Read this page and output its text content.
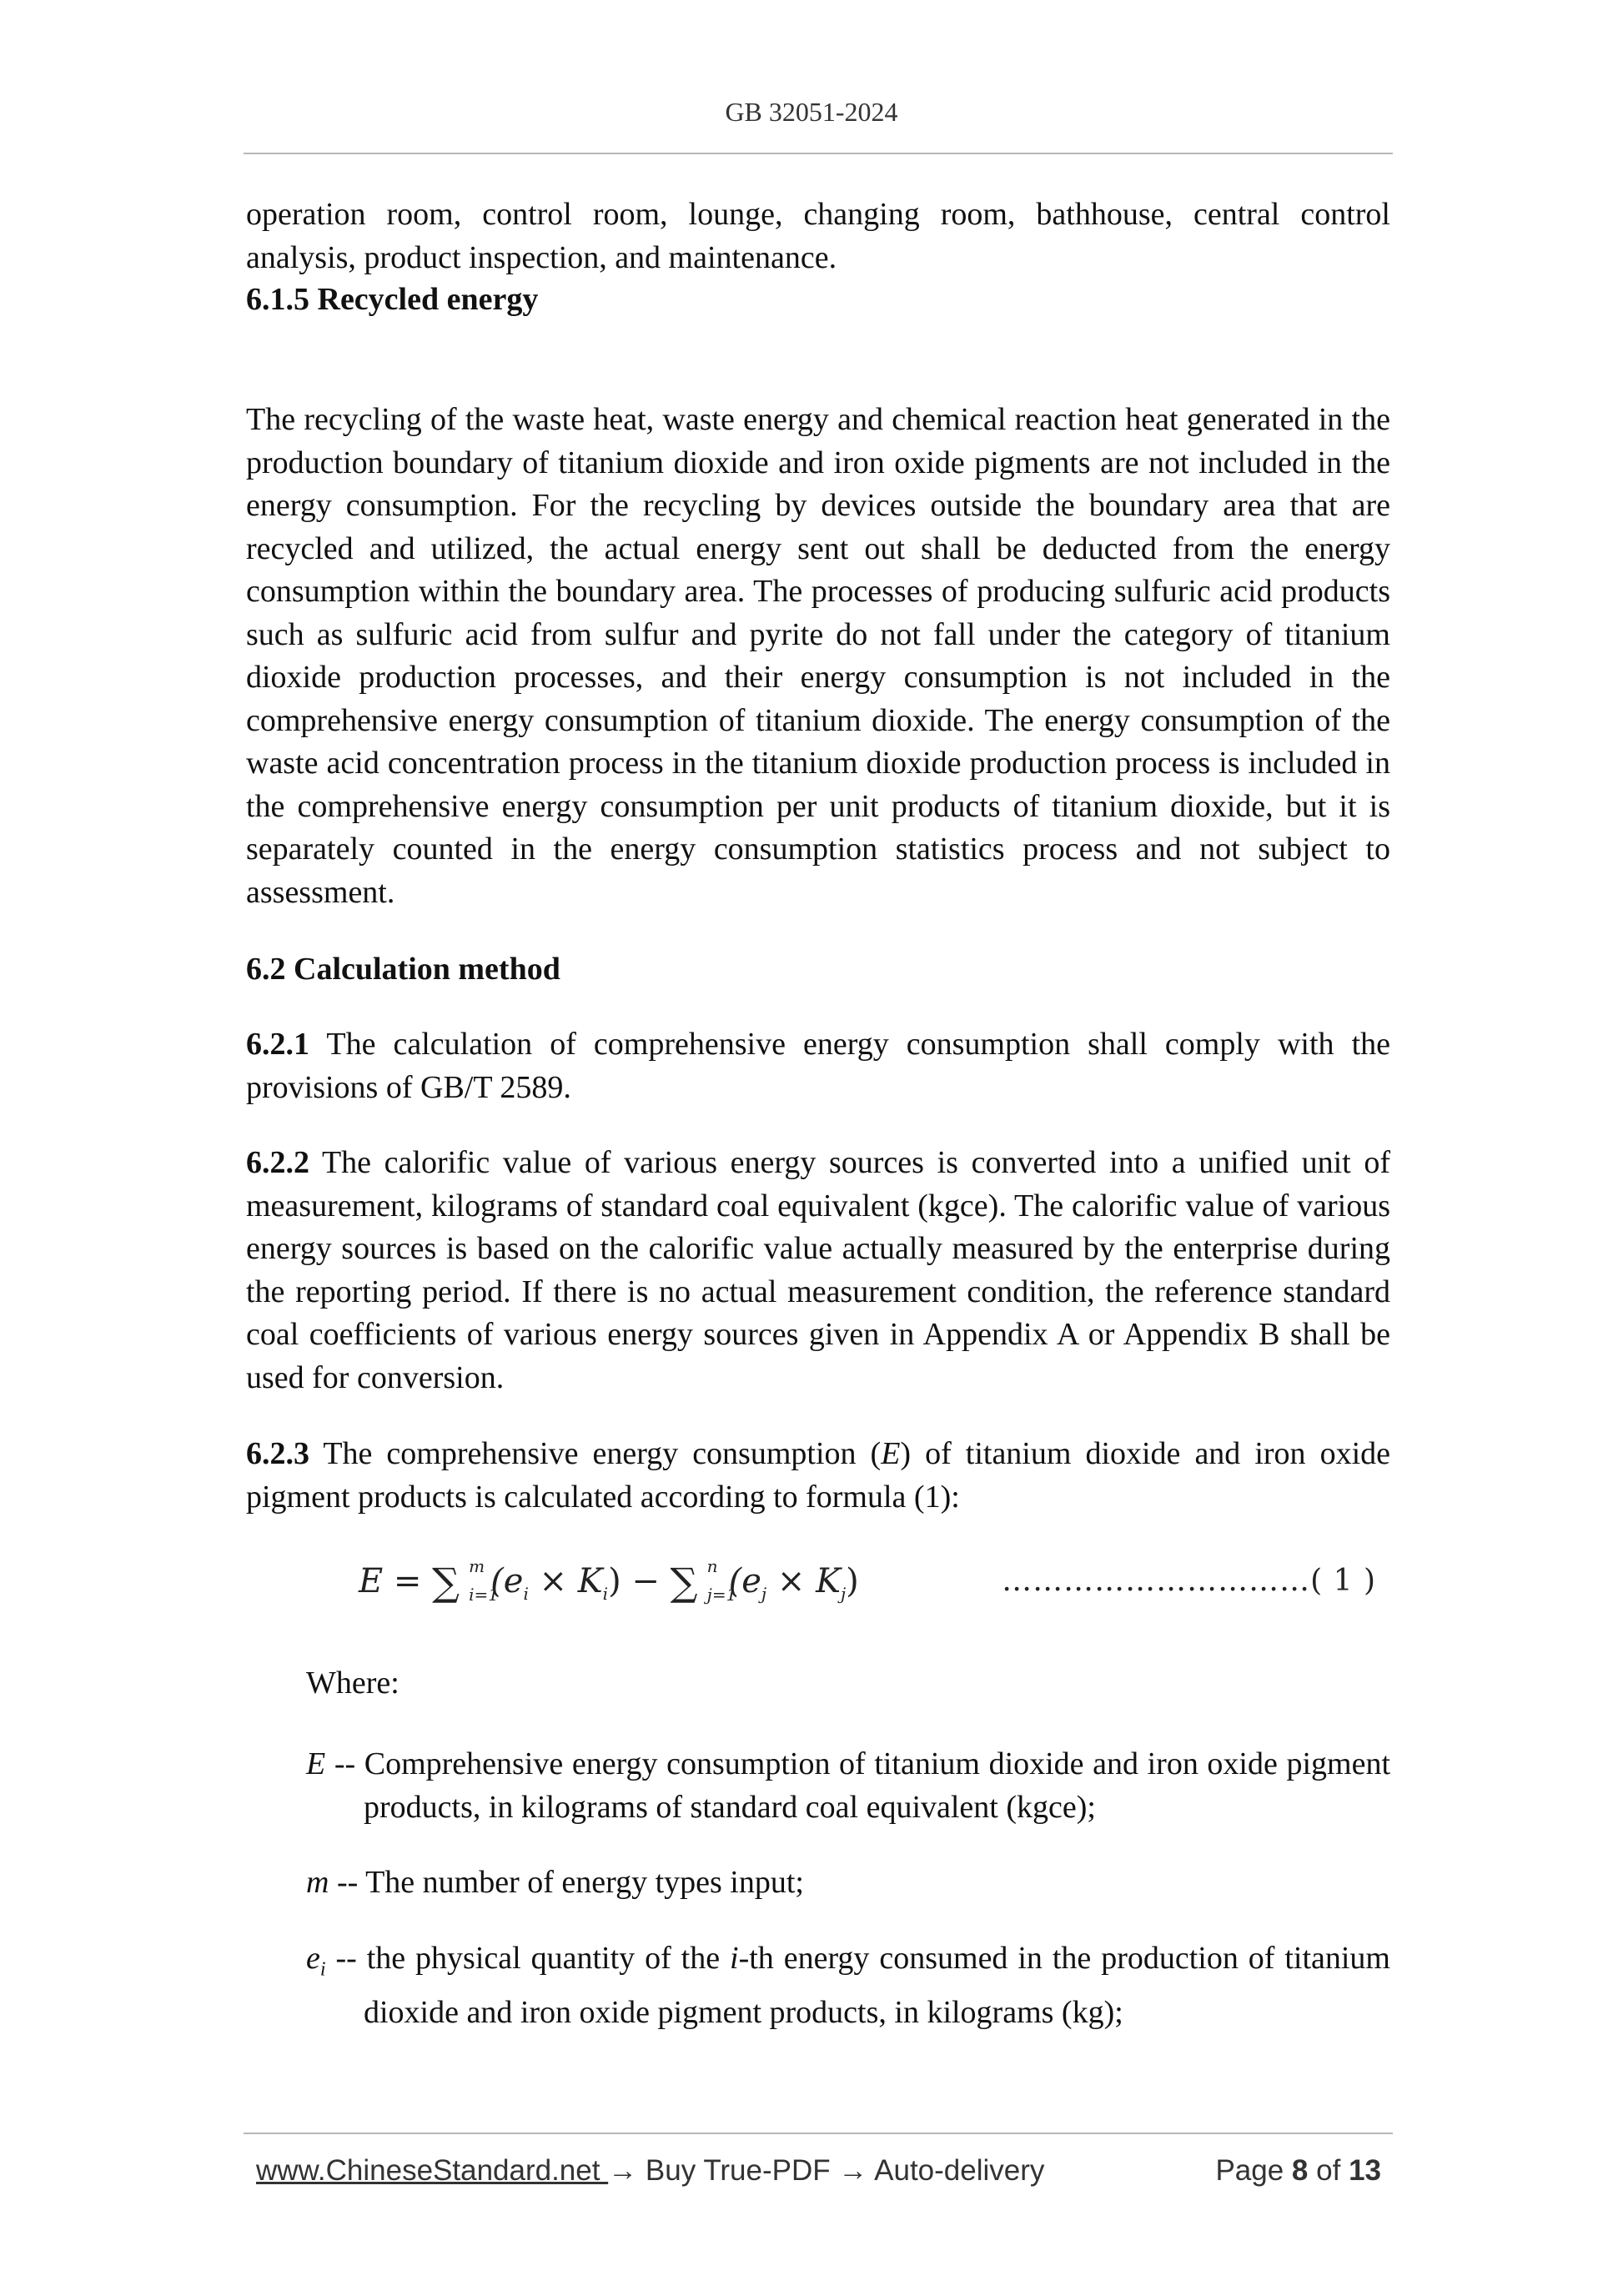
GB 32051-2024

operation room, control room, lounge, changing room, bathhouse, central control analysis, product inspection, and maintenance.

6.1.5 Recycled energy

The recycling of the waste heat, waste energy and chemical reaction heat generated in the production boundary of titanium dioxide and iron oxide pigments are not included in the energy consumption. For the recycling by devices outside the boundary area that are recycled and utilized, the actual energy sent out shall be deducted from the energy consumption within the boundary area. The processes of producing sulfuric acid products such as sulfuric acid from sulfur and pyrite do not fall under the category of titanium dioxide production processes, and their energy consumption is not included in the comprehensive energy consumption of titanium dioxide. The energy consumption of the waste acid concentration process in the titanium dioxide production process is included in the comprehensive energy consumption per unit products of titanium dioxide, but it is separately counted in the energy consumption statistics process and not subject to assessment.

6.2 Calculation method

6.2.1 The calculation of comprehensive energy consumption shall comply with the provisions of GB/T 2589.

6.2.2 The calorific value of various energy sources is converted into a unified unit of measurement, kilograms of standard coal equivalent (kgce). The calorific value of various energy sources is based on the calorific value actually measured by the enterprise during the reporting period. If there is no actual measurement condition, the reference standard coal coefficients of various energy sources given in Appendix A or Appendix B shall be used for conversion.

6.2.3 The comprehensive energy consumption (E) of titanium dioxide and iron oxide pigment products is calculated according to formula (1):

E = ∑ m
i=1
$(e_i \times K_i)$ − ∑ n
j=1
$(e_j \times K_j)$	…………………………( 1 )

Where:

E -- Comprehensive energy consumption of titanium dioxide and iron oxide pigment products, in kilograms of standard coal equivalent (kgce);

m -- The number of energy types input;

$e_i$ -- the physical quantity of the i-th energy consumed in the production of titanium dioxide and iron oxide pigment products, in kilograms (kg);

www.ChineseStandard.net → Buy True-PDF → Auto-delivery	Page 8 of 13
